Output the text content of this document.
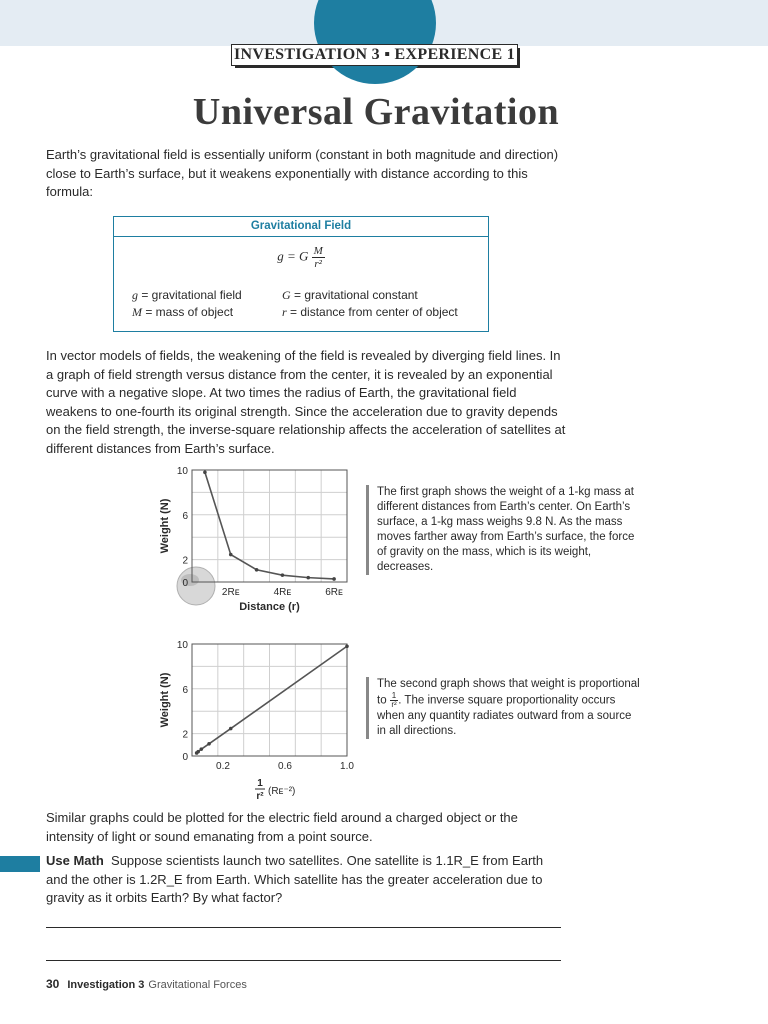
INVESTIGATION 3 ▪ EXPERIENCE 1
Universal Gravitation

Earth’s gravitational field is essentially uniform (constant in both magnitude and direction) close to Earth’s surface, but it weakens exponentially with distance according to this formula:

Gravitational Field
g = G $\frac{M}{\text{r²}}$
g = gravitational field	G = gravitational constant
M = mass of object	r = distance from center of object

In vector models of fields, the weakening of the field is revealed by diverging field lines. In a graph of field strength versus distance from the center, it is revealed by an exponential curve with a negative slope. At two times the radius of Earth, the gravitational field weakens to one-fourth its original strength. Since the acceleration due to gravity depends on the field strength, the inverse-square relationship affects the acceleration of satellites at different distances from Earth’s surface.

0
2
6
10
2Rᴇ	4Rᴇ	6Rᴇ
Weight (N)
Distance (r)
The first graph shows the weight of a 1-kg mass at different distances from Earth’s center. On Earth’s surface, a 1-kg mass weighs 9.8 N. As the mass moves farther away from Earth’s surface, the force of gravity on the mass, which is its weight, decreases.
0
2
6
10
0.2	0.6	1.0
Weight (N)
1
r² (Rᴇ⁻²)
The second graph shows that weight is proportional to $\frac{1}{\text{r²}}$ . The inverse square proportionality occurs when any quantity radiates outward from a source in all directions.

Similar graphs could be plotted for the electric field around a charged object or the intensity of light or sound emanating from a point source.

Use Math Suppose scientists launch two satellites. One satellite is 1.1R_E from Earth and the other is 1.2R_E from Earth. Which satellite has the greater acceleration due to gravity as it orbits Earth? By what factor?

30 Investigation 3 Gravitational Forces
